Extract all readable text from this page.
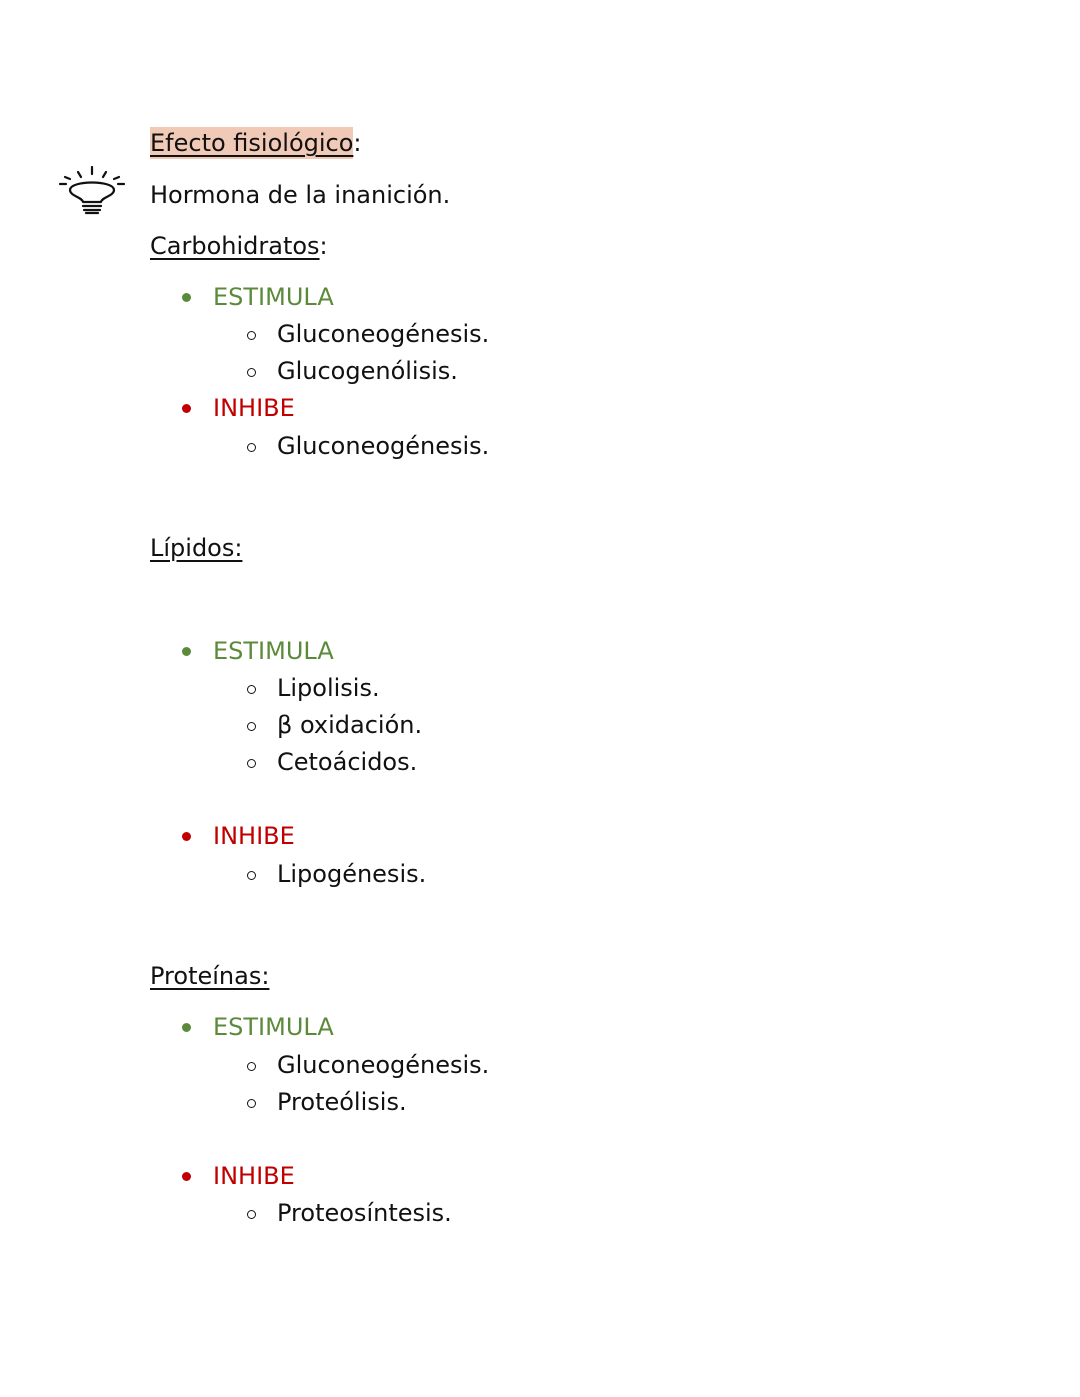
Efecto fisiológico:
Hormona de la inanición.
Carbohidratos:
ESTIMULA
Gluconeogénesis.
Glucogenólisis.
INHIBE
Gluconeogénesis.
Lípidos:
ESTIMULA
Lipolisis.
β oxidación.
Cetoácidos.
INHIBE
Lipogénesis.
Proteínas:
ESTIMULA
Gluconeogénesis.
Proteólisis.
INHIBE
Proteosíntesis.
